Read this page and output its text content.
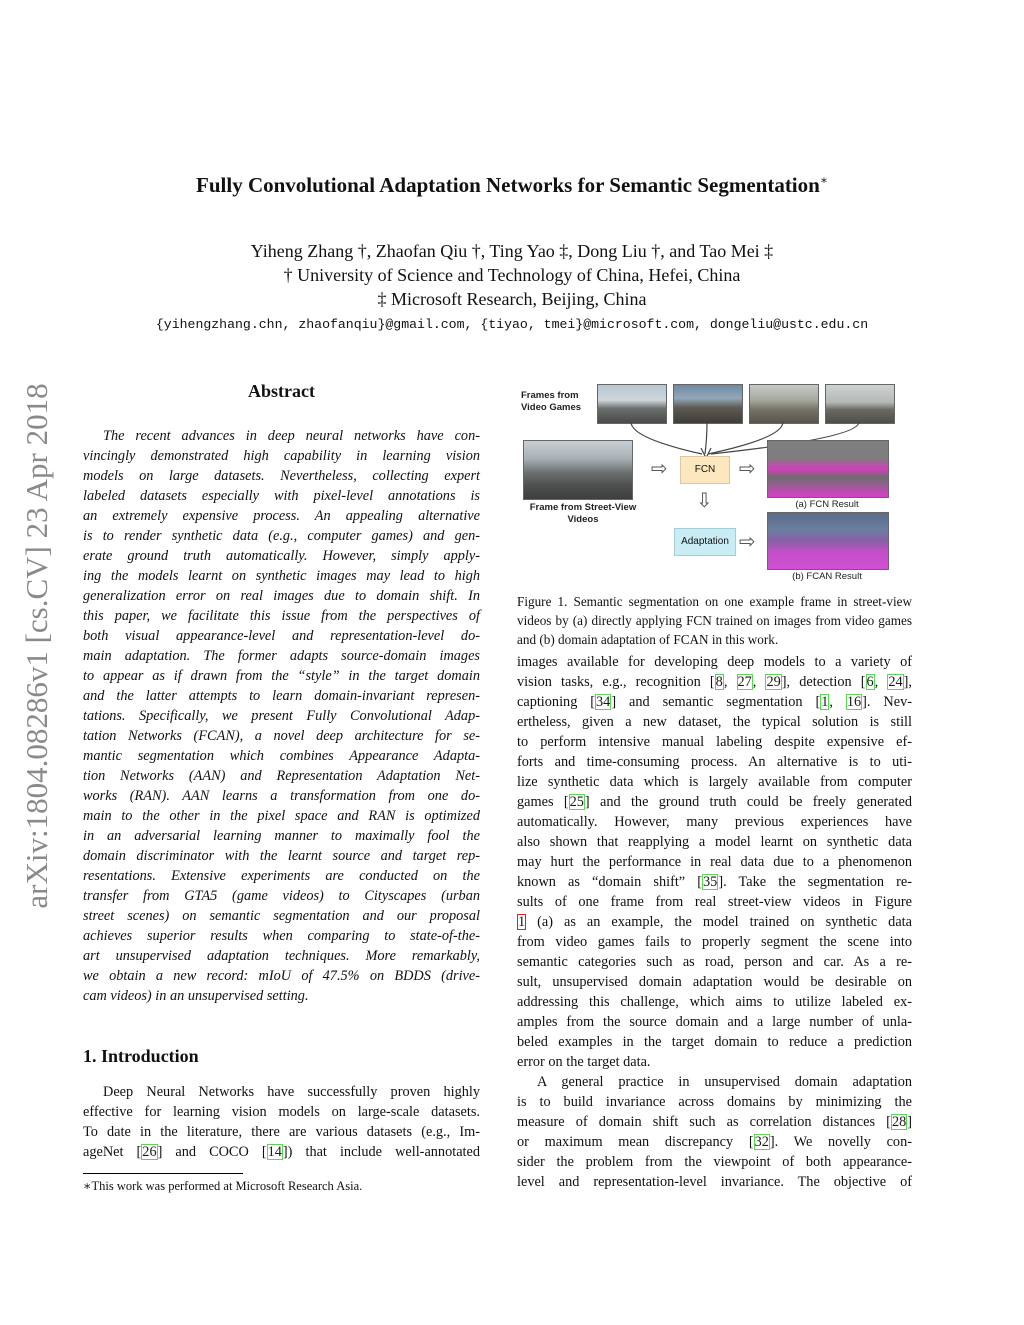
arXiv:1804.08286v1 [cs.CV] 23 Apr 2018
Fully Convolutional Adaptation Networks for Semantic Segmentation∗
Yiheng Zhang †, Zhaofan Qiu †, Ting Yao ‡, Dong Liu †, and Tao Mei ‡
† University of Science and Technology of China, Hefei, China
‡ Microsoft Research, Beijing, China
{yihengzhang.chn, zhaofanqiu}@gmail.com, {tiyao, tmei}@microsoft.com, dongeliu@ustc.edu.cn
Abstract
The recent advances in deep neural networks have con-
vincingly demonstrated high capability in learning vision
models on large datasets. Nevertheless, collecting expert
labeled datasets especially with pixel-level annotations is
an extremely expensive process. An appealing alternative
is to render synthetic data (e.g., computer games) and gen-
erate ground truth automatically. However, simply apply-
ing the models learnt on synthetic images may lead to high
generalization error on real images due to domain shift. In
this paper, we facilitate this issue from the perspectives of
both visual appearance-level and representation-level do-
main adaptation. The former adapts source-domain images
to appear as if drawn from the “style” in the target domain
and the latter attempts to learn domain-invariant represen-
tations. Specifically, we present Fully Convolutional Adap-
tation Networks (FCAN), a novel deep architecture for se-
mantic segmentation which combines Appearance Adapta-
tion Networks (AAN) and Representation Adaptation Net-
works (RAN). AAN learns a transformation from one do-
main to the other in the pixel space and RAN is optimized
in an adversarial learning manner to maximally fool the
domain discriminator with the learnt source and target rep-
resentations. Extensive experiments are conducted on the
transfer from GTA5 (game videos) to Cityscapes (urban
street scenes) on semantic segmentation and our proposal
achieves superior results when comparing to state-of-the-
art unsupervised adaptation techniques. More remarkably,
we obtain a new record: mIoU of 47.5% on BDDS (drive-
cam videos) in an unsupervised setting.
1. Introduction
Deep Neural Networks have successfully proven highly
effective for learning vision models on large-scale datasets.
To date in the literature, there are various datasets (e.g., Im-
ageNet [26] and COCO [14]) that include well-annotated
∗This work was performed at Microsoft Research Asia.
Frames from Video Games
Frame from Street-View Videos
⇨	⇨
⇩
⇨
FCN
Adaptation
(a) FCN Result
(b) FCAN Result
Figure 1. Semantic segmentation on one example frame in street-view videos by (a) directly applying FCN trained on images from video games and (b) domain adaptation of FCAN in this work.
images available for developing deep models to a variety of
vision tasks, e.g., recognition [8, 27, 29], detection [6, 24],
captioning [34] and semantic segmentation [1, 16]. Nev-
ertheless, given a new dataset, the typical solution is still
to perform intensive manual labeling despite expensive ef-
forts and time-consuming process. An alternative is to uti-
lize synthetic data which is largely available from computer
games [25] and the ground truth could be freely generated
automatically. However, many previous experiences have
also shown that reapplying a model learnt on synthetic data
may hurt the performance in real data due to a phenomenon
known as “domain shift” [35]. Take the segmentation re-
sults of one frame from real street-view videos in Figure
1 (a) as an example, the model trained on synthetic data
from video games fails to properly segment the scene into
semantic categories such as road, person and car. As a re-
sult, unsupervised domain adaptation would be desirable on
addressing this challenge, which aims to utilize labeled ex-
amples from the source domain and a large number of unla-
beled examples in the target domain to reduce a prediction
error on the target data.
A general practice in unsupervised domain adaptation
is to build invariance across domains by minimizing the
measure of domain shift such as correlation distances [28]
or maximum mean discrepancy [32]. We novelly con-
sider the problem from the viewpoint of both appearance-
level and representation-level invariance. The objective of
